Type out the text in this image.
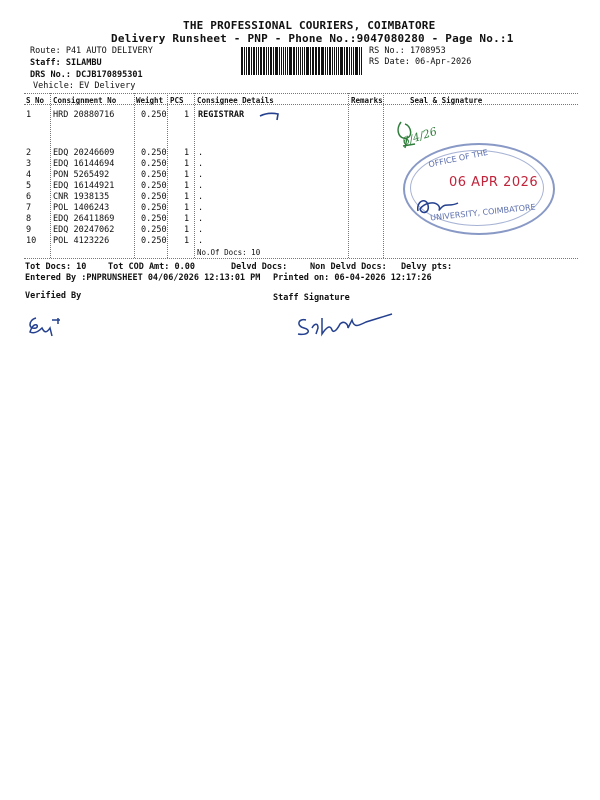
THE PROFESSIONAL COURIERS, COIMBATORE
Delivery Runsheet - PNP - Phone No.:9047080280 - Page No.:1
Route: P41 AUTO DELIVERY
Staff: SILAMBU
DRS No.: DCJB170895301
Vehicle: EV Delivery
RS No.: 1708953
RS Date: 06-Apr-2026
S No Consignment No	Weight PCS Consignee Details	Remarks	Seal & Signature
1	HRD 20880716	0.250 1 REGISTRAR
2	EDQ 20246609	0.250 1 .
3	EDQ 16144694	0.250 1 .
4	PON 5265492	0.250 1 .
5	EDQ 16144921	0.250 1 .
6	CNR 1938135	0.250 1 .
7	POL 1406243	0.250 1 .
8	EDQ 26411869	0.250 1 .
9	EDQ 20247062	0.250 1 .
10 POL 4123226	0.250 1 .
No.Of Docs: 10
6/4/26
OFFICE OF THE
UNIVERSITY, COIMBATORE
06 APR 2026
Tot Docs: 10	Tot COD Amt: 0.00	Delvd Docs:	Non Delvd Docs: Delvy pts:
Entered By :PNPRUNSHEET 04/06/2026 12:13:01 PM Printed on: 06-04-2026 12:17:26
Verified By	Staff Signature
